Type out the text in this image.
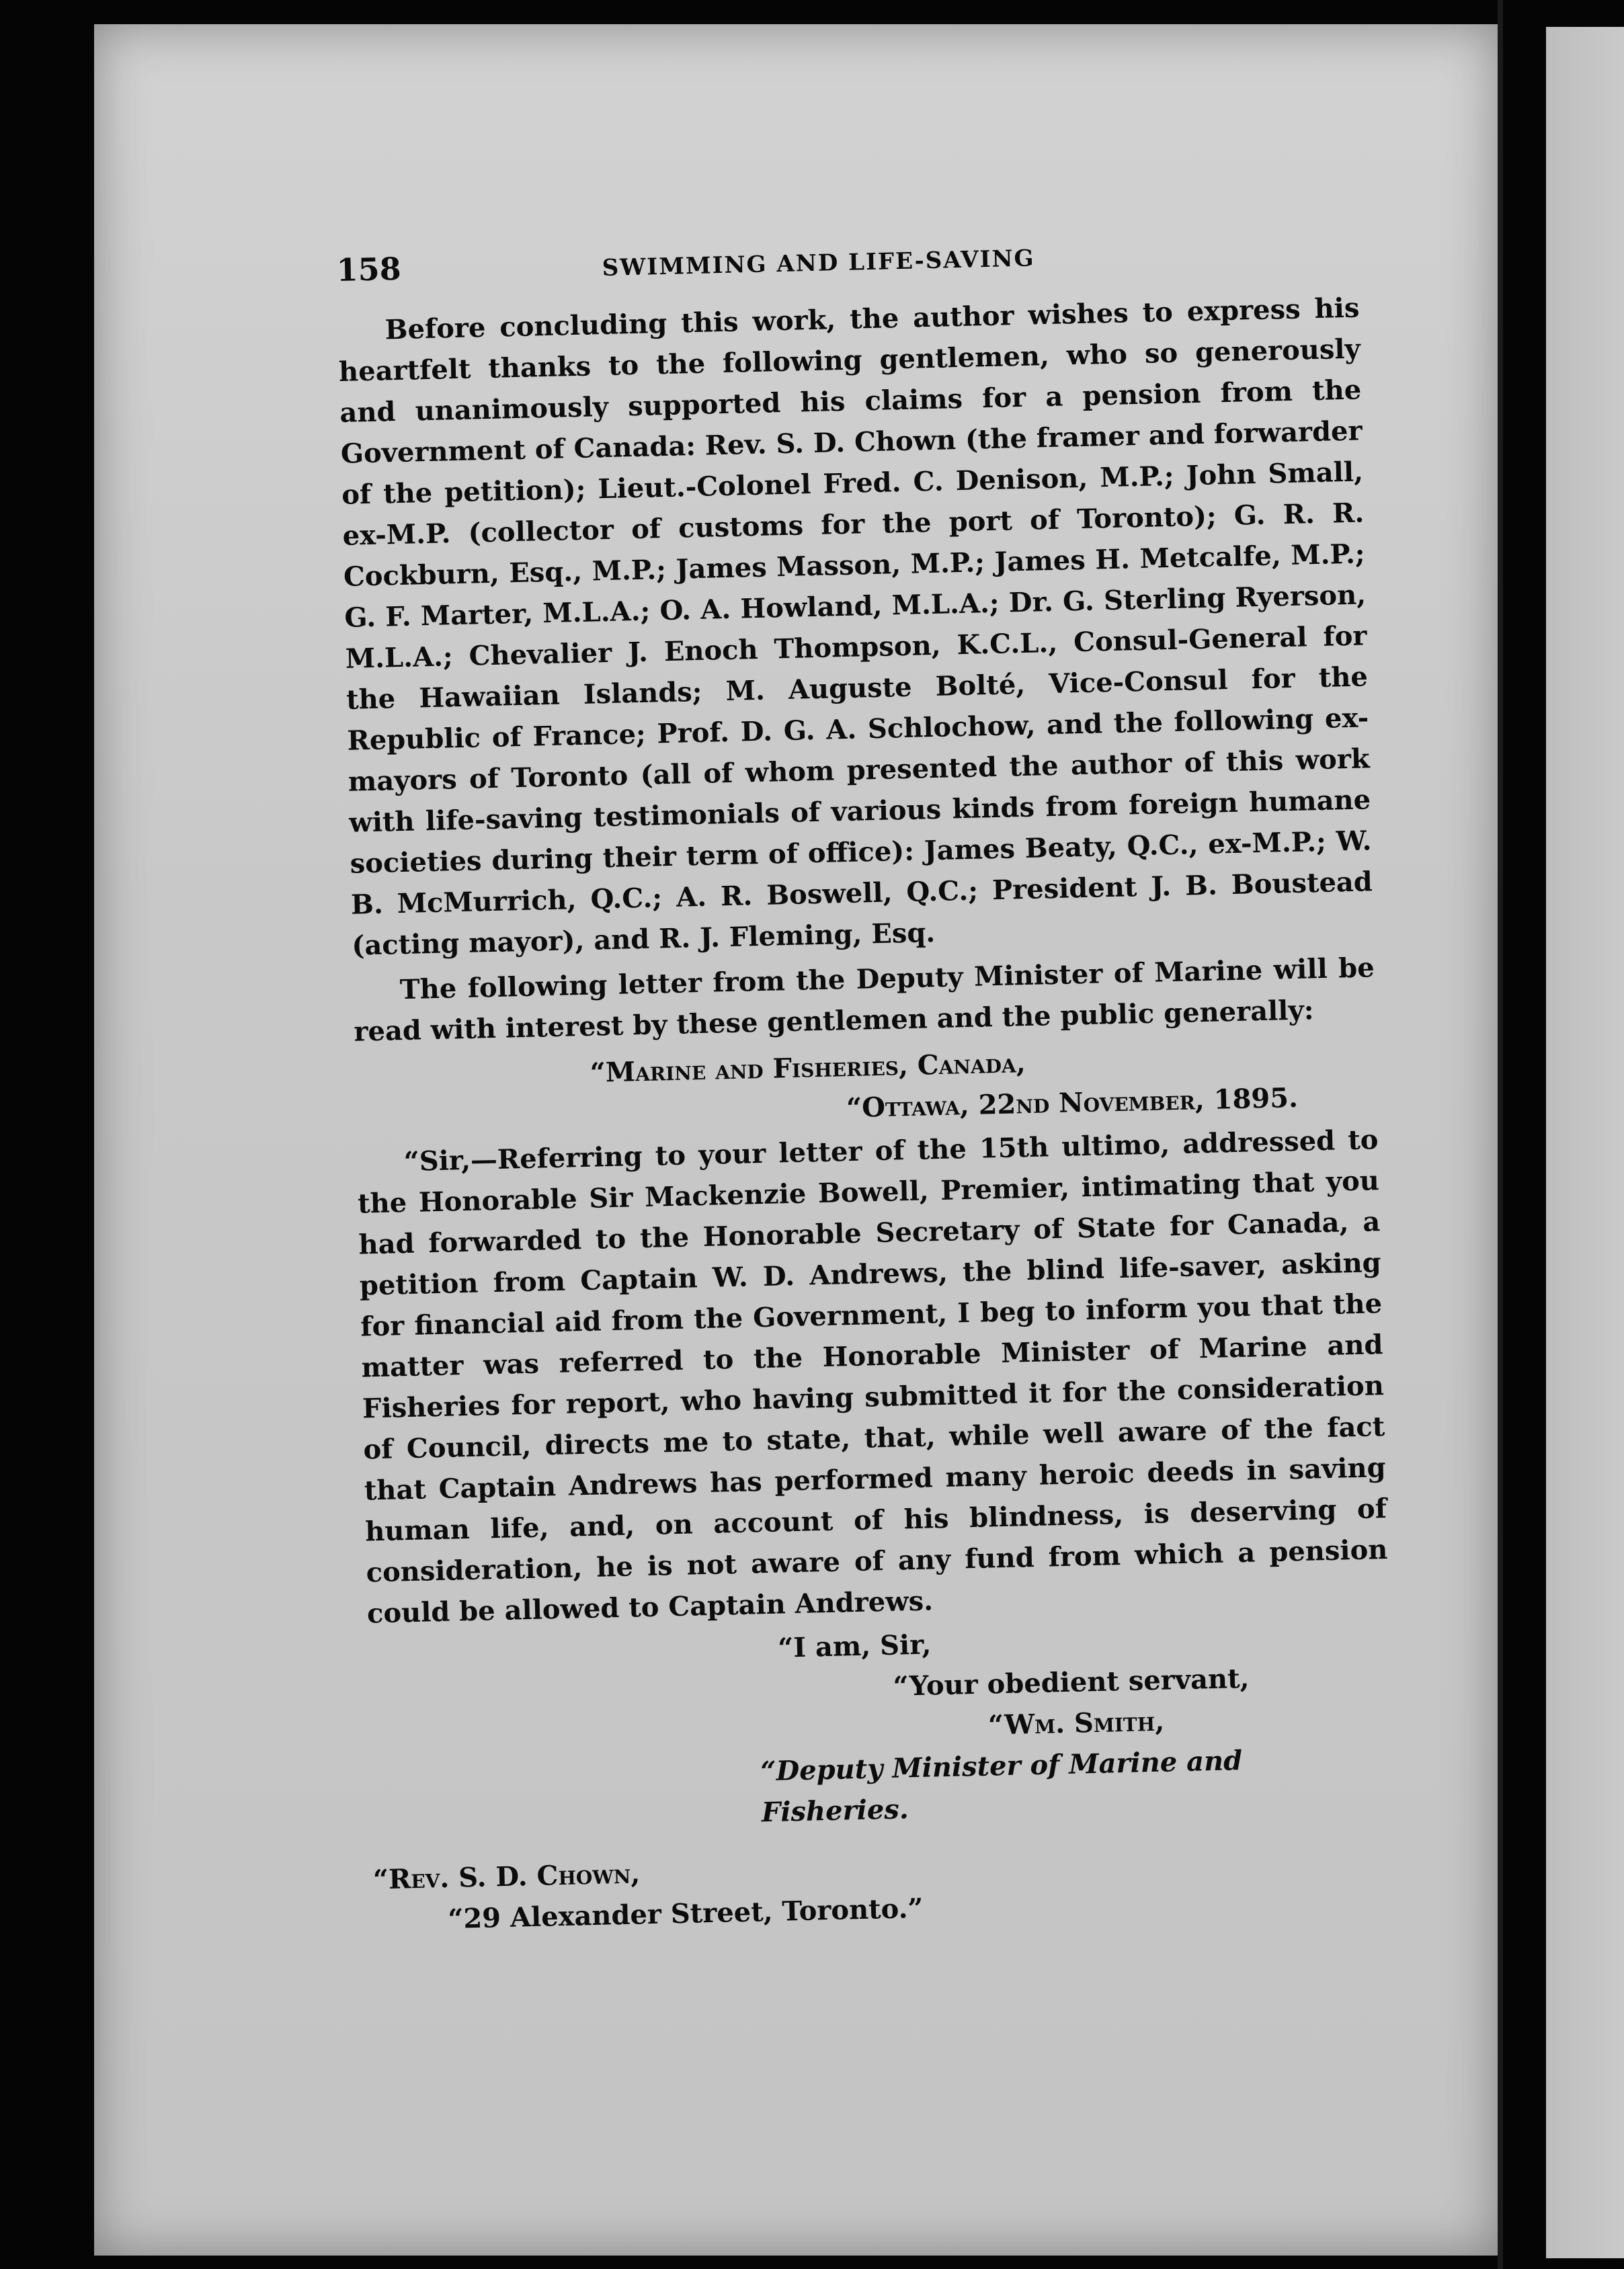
158	SWIMMING AND LIFE-SAVING

Before concluding this work, the author wishes to express his heartfelt thanks to the following gentlemen, who so generously and unanimously supported his claims for a pension from the Government of Canada: Rev. S. D. Chown (the framer and forwarder of the petition); Lieut.-Colonel Fred. C. Denison, M.P.; John Small, ex-M.P. (collector of customs for the port of Toronto); G. R. R. Cockburn, Esq., M.P.; James Masson, M.P.; James H. Metcalfe, M.P.; G. F. Marter, M.L.A.; O. A. Howland, M.L.A.; Dr. G. Sterling Ryerson, M.L.A.; Chevalier J. Enoch Thompson, K.C.L., Consul-General for the Hawaiian Islands; M. Auguste Bolté, Vice-Consul for the Republic of France; Prof. D. G. A. Schlochow, and the following ex-mayors of Toronto (all of whom presented the author of this work with life-saving testimonials of various kinds from foreign humane societies during their term of office): James Beaty, Q.C., ex-M.P.; W. B. McMurrich, Q.C.; A. R. Boswell, Q.C.; President J. B. Boustead (acting mayor), and R. J. Fleming, Esq.

The following letter from the Deputy Minister of Marine will be read with interest by these gentlemen and the public generally:

“Marine and Fisheries, Canada,

“Ottawa, 22nd November, 1895.

“Sir,—Referring to your letter of the 15th ultimo, addressed to the Honorable Sir Mackenzie Bowell, Premier, intimating that you had forwarded to the Honorable Secretary of State for Canada, a petition from Captain W. D. Andrews, the blind life-saver, asking for financial aid from the Government, I beg to inform you that the matter was referred to the Honorable Minister of Marine and Fisheries for report, who having submitted it for the consideration of Council, directs me to state, that, while well aware of the fact that Captain Andrews has performed many heroic deeds in saving human life, and, on account of his blindness, is deserving of consideration, he is not aware of any fund from which a pension could be allowed to Captain Andrews.

“I am, Sir,

“Your obedient servant,

“Wm. Smith,

“Deputy Minister of Marine and Fisheries.

“Rev. S. D. Chown,

“29 Alexander Street, Toronto.”
